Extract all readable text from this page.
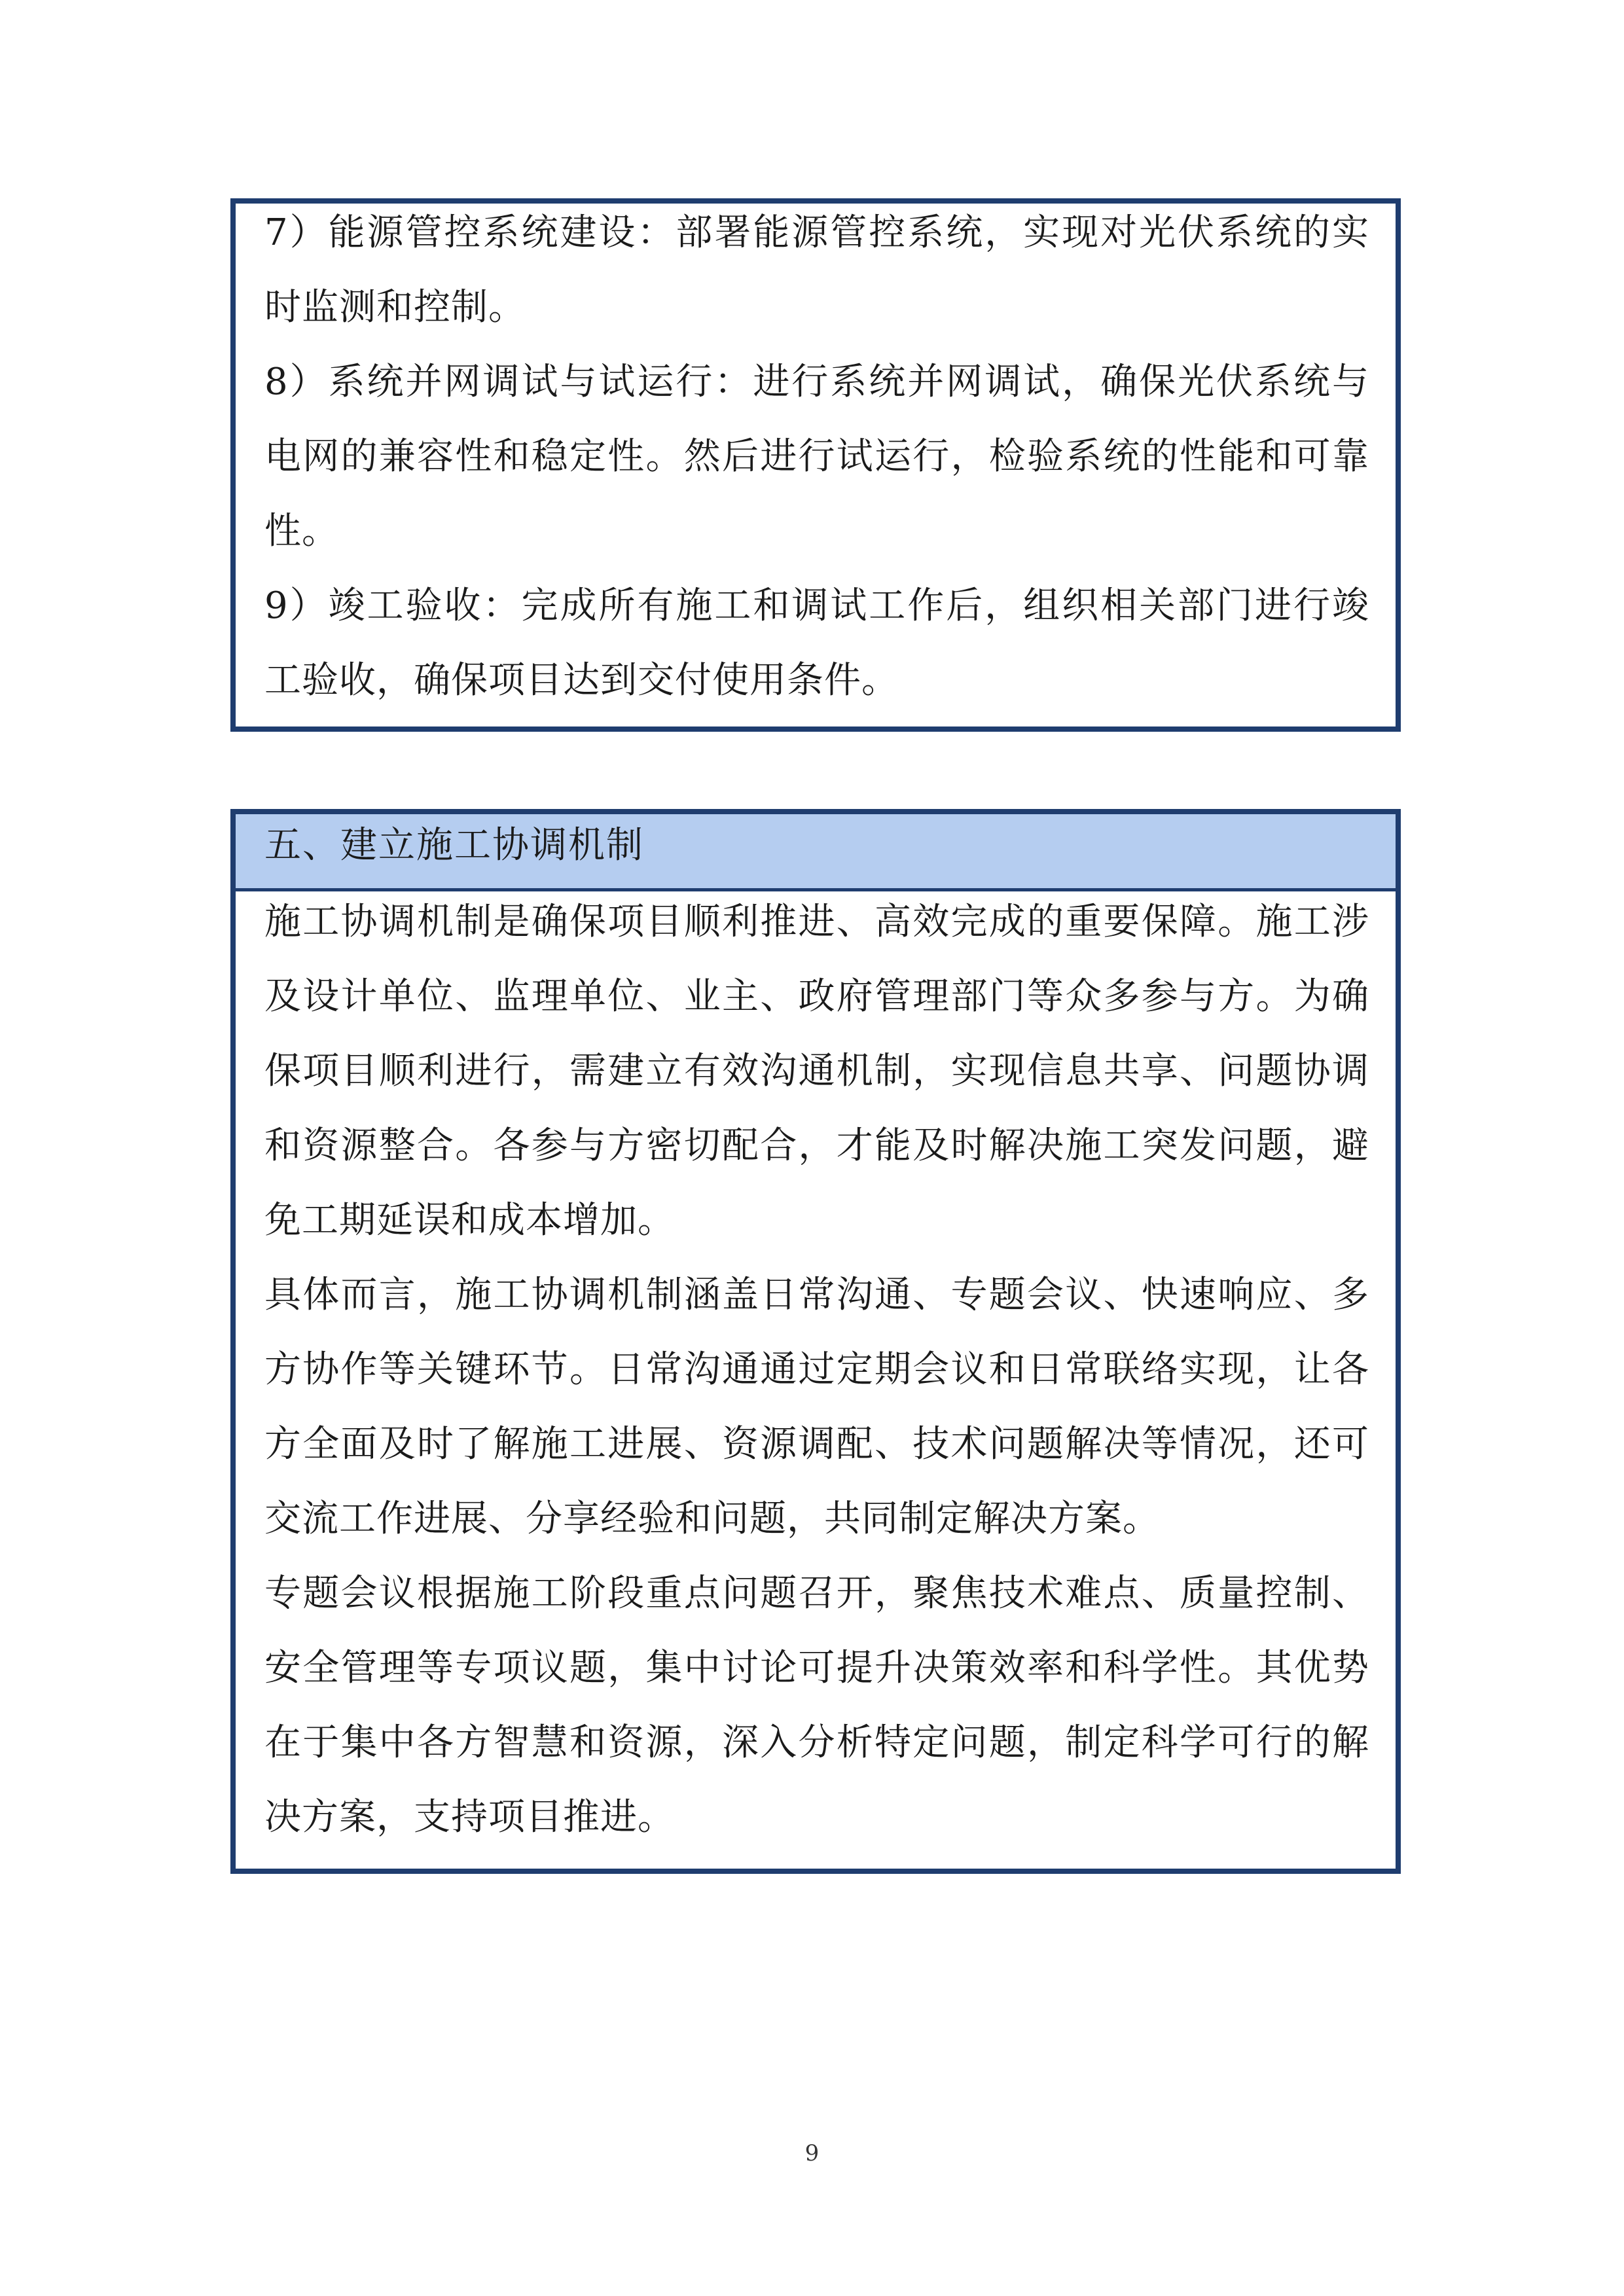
7）能源管控系统建设：部署能源管控系统，实现对光伏系统的实时监测和控制。

8）系统并网调试与试运行：进行系统并网调试，确保光伏系统与电网的兼容性和稳定性。然后进行试运行，检验系统的性能和可靠性。

9）竣工验收：完成所有施工和调试工作后，组织相关部门进行竣工验收，确保项目达到交付使用条件。

五、建立施工协调机制

施工协调机制是确保项目顺利推进、高效完成的重要保障。施工涉及设计单位、监理单位、业主、政府管理部门等众多参与方。为确保项目顺利进行，需建立有效沟通机制，实现信息共享、问题协调和资源整合。各参与方密切配合，才能及时解决施工突发问题，避免工期延误和成本增加。

具体而言，施工协调机制涵盖日常沟通、专题会议、快速响应、多方协作等关键环节。日常沟通通过定期会议和日常联络实现，让各方全面及时了解施工进展、资源调配、技术问题解决等情况，还可交流工作进展、分享经验和问题，共同制定解决方案。

专题会议根据施工阶段重点问题召开，聚焦技术难点、质量控制、安全管理等专项议题，集中讨论可提升决策效率和科学性。其优势在于集中各方智慧和资源，深入分析特定问题，制定科学可行的解决方案，支持项目推进。

9
